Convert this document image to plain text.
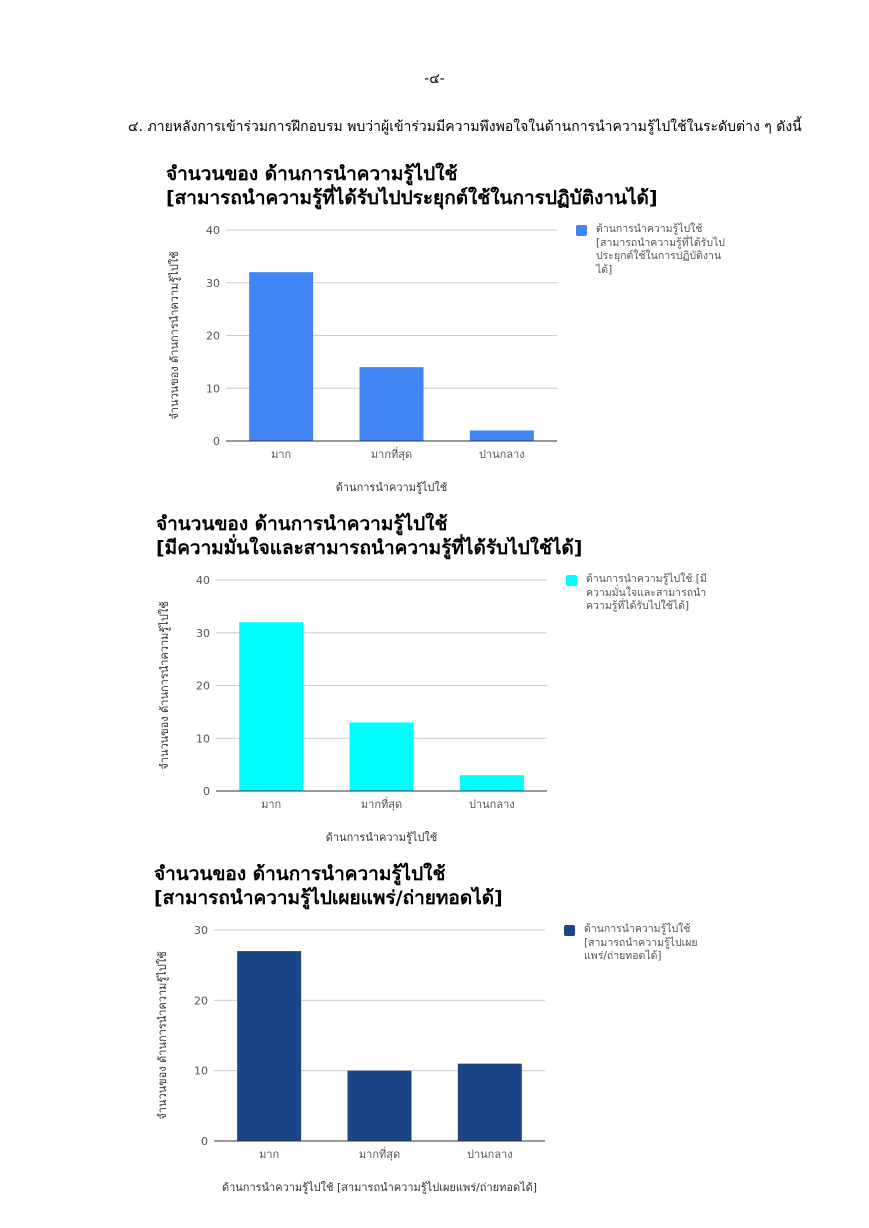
-๔-
๔. ภายหลังการเข้าร่วมการฝึกอบรม พบว่าผู้เข้าร่วมมีความพึงพอใจในด้านการนำความรู้ไปใช้ในระดับต่าง ๆ ดังนี้
จำนวนของ ด้านการนำความรู้ไปใช้
[สามารถนำความรู้ที่ได้รับไปประยุกต์ใช้ในการปฏิบัติงานได้]
0
10
20
30
40
มาก	มากที่สุด	ปานกลาง
ด้านการนำความรู้ไปใช้
จำนวนของ ด้านการนำความรู้ไปใช้
ด้านการนำความรู้ไปใช้ [สามารถนำความรู้ที่ได้รับไปประยุกต์ใช้ในการปฏิบัติงานได้]
จำนวนของ ด้านการนำความรู้ไปใช้
[มีความมั่นใจและสามารถนำความรู้ที่ได้รับไปใช้ได้]
0
10
20
30
40
มาก	มากที่สุด	ปานกลาง
ด้านการนำความรู้ไปใช้
จำนวนของ ด้านการนำความรู้ไปใช้
ด้านการนำความรู้ไปใช้ [มีความมั่นใจและสามารถนำความรู้ที่ได้รับไปใช้ได้]
จำนวนของ ด้านการนำความรู้ไปใช้
[สามารถนำความรู้ไปเผยแพร่/ถ่ายทอดได้]
0
10
20
30
มาก	มากที่สุด	ปานกลาง
ด้านการนำความรู้ไปใช้ [สามารถนำความรู้ไปเผยแพร่/ถ่ายทอดได้]
จำนวนของ ด้านการนำความรู้ไปใช้
ด้านการนำความรู้ไปใช้ [สามารถนำความรู้ไปเผยแพร่/ถ่ายทอดได้]
